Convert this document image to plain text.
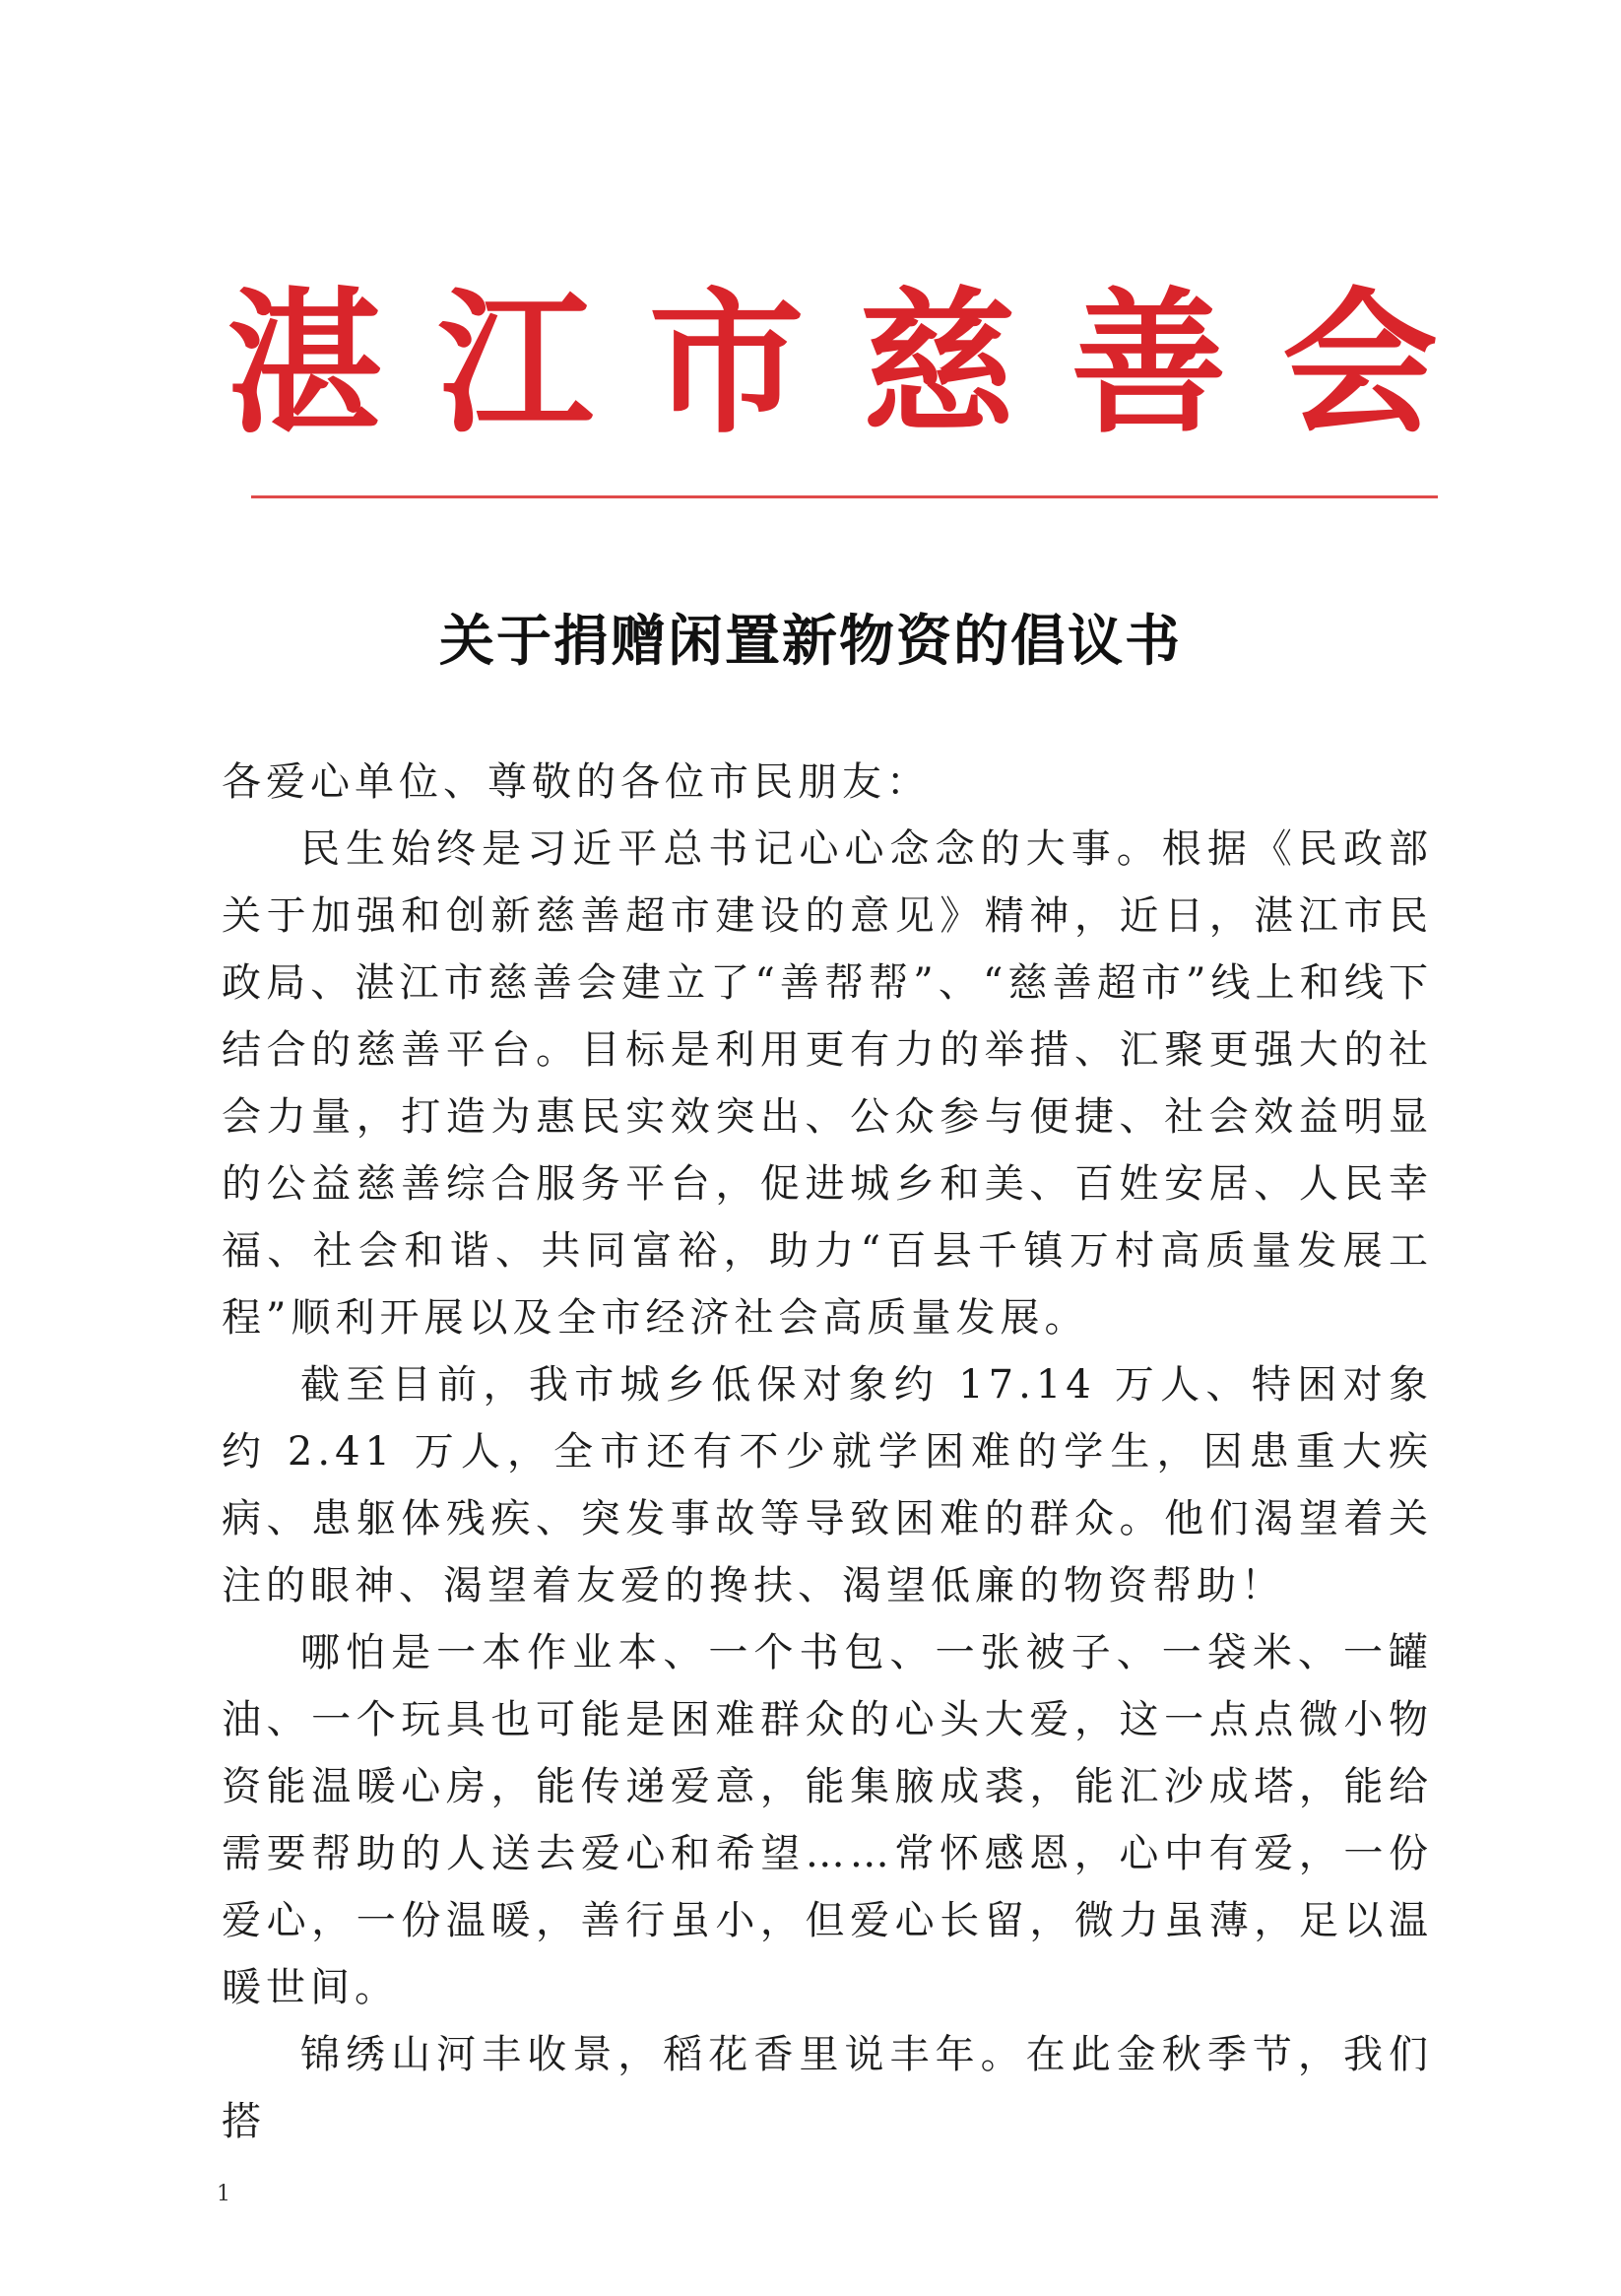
湛 江 市 慈 善 会
关于捐赠闲置新物资的倡议书

各爱心单位、尊敬的各位市民朋友：

民生始终是习近平总书记心心念念的大事。根据《民政部关于加强和创新慈善超市建设的意见》精神，近日，湛江市民政局、湛江市慈善会建立了“善帮帮”、“慈善超市”线上和线下结合的慈善平台。目标是利用更有力的举措、汇聚更强大的社会力量，打造为惠民实效突出、公众参与便捷、社会效益明显的公益慈善综合服务平台，促进城乡和美、百姓安居、人民幸福、社会和谐、共同富裕，助力“百县千镇万村高质量发展工程”顺利开展以及全市经济社会高质量发展。

截至目前，我市城乡低保对象约 17.14 万人、特困对象约 2.41 万人，全市还有不少就学困难的学生，因患重大疾病、患躯体残疾、突发事故等导致困难的群众。他们渴望着关注的眼神、渴望着友爱的搀扶、渴望低廉的物资帮助！

哪怕是一本作业本、一个书包、一张被子、一袋米、一罐油、一个玩具也可能是困难群众的心头大爱，这一点点微小物资能温暖心房，能传递爱意，能集腋成裘，能汇沙成塔，能给需要帮助的人送去爱心和希望……常怀感恩，心中有爱，一份爱心，一份温暖，善行虽小，但爱心长留，微力虽薄，足以温暖世间。

锦绣山河丰收景，稻花香里说丰年。在此金秋季节，我们搭

1
